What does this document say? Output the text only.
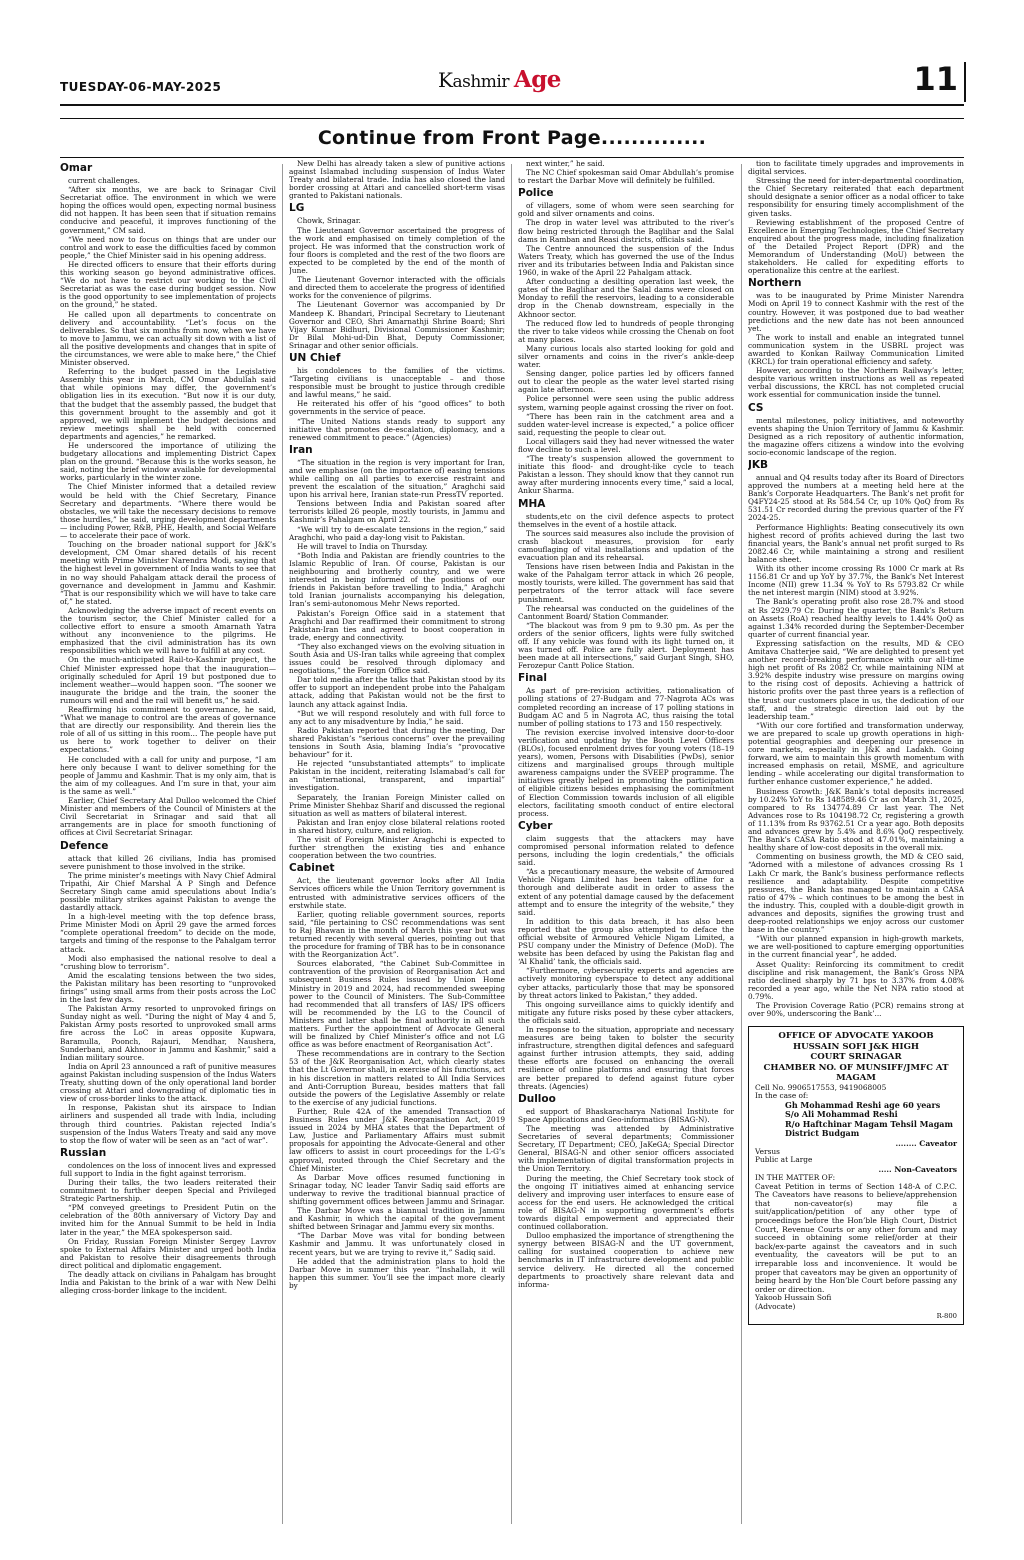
TUESDAY-06-MAY-2025	Kashmir Age	11
Continue from Front Page..............
Omar

current challenges.

“After six months, we are back to Srinagar Civil Secretariat office. The environment in which we were hoping the offices would open, expecting normal business did not happen. It has been seen that if situation remains conducive and peaceful, it improves functioning of the government,” CM said.

“We need now to focus on things that are under our control and work to ease the difficulties faced by common people,” the Chief Minister said in his opening address.

He directed officers to ensure that their efforts during this working season go beyond administrative offices. “We do not have to restrict our working to the Civil Secretariat as was the case during budget session. Now is the good opportunity to see implementation of projects on the ground,” he stated.

He called upon all departments to concentrate on delivery and accountability. “Let’s focus on the deliverables. So that six months from now, when we have to move to Jammu, we can actually sit down with a list of all the positive developments and changes that in spite of the circumstances, we were able to make here,” the Chief Minister observed.

Referring to the budget passed in the Legislative Assembly this year in March, CM Omar Abdullah said that while opinions may differ, the government’s obligation lies in its execution. “But now it is our duty, that the budget that the assembly passed, the budget that this government brought to the assembly and got it approved, we will implement the budget decisions and review meetings shall be held with concerned departments and agencies,” he remarked.

He underscored the importance of utilizing the budgetary allocations and implementing District Capex plan on the ground. “Because this is the works season, he said, noting the brief window available for developmental works, particularly in the winter zone.

The Chief Minister informed that a detailed review would be held with the Chief Secretary, Finance Secretary and departments. “Where there would be obstacles, we will take the necessary decisions to remove those hurdles,” he said, urging development departments — including Power, R&B, PHE, Health, and Social Welfare — to accelerate their pace of work.

Touching on the broader national support for J&K’s development, CM Omar shared details of his recent meeting with Prime Minister Narendra Modi, saying that the highest level in government of India wants to see that in no way should Pahalgam attack derail the process of governance and development in Jammu and Kashmir. “That is our responsibility which we will have to take care of,” he stated.

Acknowledging the adverse impact of recent events on the tourism sector, the Chief Minister called for a collective effort to ensure a smooth Amarnath Yatra without any inconvenience to the pilgrims. He emphasized that the civil administration has its own responsibilities which we will have to fulfill at any cost.

On the much-anticipated Rail-to-Kashmir project, the Chief Minister expressed hope that the inauguration—originally scheduled for April 19 but postponed due to inclement weather—would happen soon. “The sooner we inaugurate the bridge and the train, the sooner the rumours will end and the rail will benefit us,” he said.

Reaffirming his commitment to governance, he said, “What we manage to control are the areas of governance that are directly our responsibility. And therein lies the role of all of us sitting in this room… The people have put us here to work together to deliver on their expectations.”

He concluded with a call for unity and purpose, “I am here only because I want to deliver something for the people of Jammu and Kashmir. That is my only aim, that is the aim of my colleagues. And I’m sure in that, your aim is the same as well.”

Earlier, Chief Secretary Atal Dulloo welcomed the Chief Minister and members of the Council of Ministers at the Civil Secretariat in Srinagar and said that all arrangements are in place for smooth functioning of offices at Civil Secretariat Srinagar.

Defence

attack that killed 26 civilians, India has promised severe punishment to those involved in the strike.

The prime minister’s meetings with Navy Chief Admiral Tripathi, Air Chief Marshal A P Singh and Defence Secretary Singh came amid speculations about India’s possible military strikes against Pakistan to avenge the dastardly attack.

In a high-level meeting with the top defence brass, Prime Minister Modi on April 29 gave the armed forces “complete operational freedom” to decide on the mode, targets and timing of the response to the Pahalgam terror attack.

Modi also emphasised the national resolve to deal a “crushing blow to terrorism”.

Amid the escalating tensions between the two sides, the Pakistan military has been resorting to “unprovoked firings” using small arms from their posts across the LoC in the last few days.

The Pakistan Army resorted to unprovoked firings on Sunday night as well. “During the night of May 4 and 5, Pakistan Army posts resorted to unprovoked small arms fire across the LoC in areas opposite Kupwara, Baramulla, Poonch, Rajauri, Mendhar, Naushera, Sunderbani, and Akhnoor in Jammu and Kashmir,” said a Indian military source.

India on April 23 announced a raft of punitive measures against Pakistan including suspension of the Indus Waters Treaty, shutting down of the only operational land border crossing at Attari and downgrading of diplomatic ties in view of cross-border links to the attack.

In response, Pakistan shut its airspace to Indian airliners and suspended all trade with India, including through third countries. Pakistan rejected India’s suspension of the Indus Waters Treaty and said any move to stop the flow of water will be seen as an “act of war”.

Russian

condolences on the loss of innocent lives and expressed full support to India in the fight against terrorism.

During their talks, the two leaders reiterated their commitment to further deepen Special and Privileged Strategic Partnership.

“PM conveyed greetings to President Putin on the celebration of the 80th anniversary of Victory Day and invited him for the Annual Summit to be held in India later in the year,” the MEA spokesperson said.

On Friday, Russian Foreign Minister Sergey Lavrov spoke to External Affairs Minister and urged both India and Pakistan to resolve their disagreements through direct political and diplomatic engagement.

The deadly attack on civilians in Pahalgam has brought India and Pakistan to the brink of a war with New Delhi alleging cross-border linkage to the incident.

New Delhi has already taken a slew of punitive actions against Islamabad including suspension of Indus Water Treaty and bilateral trade. India has also closed the land border crossing at Attari and cancelled short-term visas granted to Pakistani nationals.

LG

Chowk, Srinagar.

The Lieutenant Governor ascertained the progress of the work and emphasised on timely completion of the project. He was informed that the construction work of four floors is completed and the rest of the two floors are expected to be completed by the end of the month of June.

The Lieutenant Governor interacted with the officials and directed them to accelerate the progress of identified works for the convenience of pilgrims.

The Lieutenant Governor was accompanied by Dr Mandeep K. Bhandari, Principal Secretary to Lieutenant Governor and CEO, Shri Amarnathji Shrine Board; Shri Vijay Kumar Bidhuri, Divisional Commissioner Kashmir; Dr Bilal Mohi-ud-Din Bhat, Deputy Commissioner, Srinagar and other senior officials.

UN Chief

his condolences to the families of the victims. “Targeting civilians is unacceptable – and those responsible must be brought to justice through credible and lawful means,” he said.

He reiterated his offer of his “good offices” to both governments in the service of peace.

“The United Nations stands ready to support any initiative that promotes de-escalation, diplomacy, and a renewed commitment to peace.” (Agencies)

Iran

“The situation in the region is very important for Iran, and we emphasise (on the importance of) easing tensions while calling on all parties to exercise restraint and prevent the escalation of the situation,” Araghchi said upon his arrival here, Iranian state-run PressTV reported.

Tensions between India and Pakistan soared after terrorists killed 26 people, mostly tourists, in Jammu and Kashmir’s Pahalgam on April 22.

“We will try to de-escalate tensions in the region,” said Araghchi, who paid a day-long visit to Pakistan.

He will travel to India on Thursday.

“Both India and Pakistan are friendly countries to the Islamic Republic of Iran. Of course, Pakistan is our neighbouring and brotherly country, and we were interested in being informed of the positions of our friends in Pakistan before travelling to India,” Araghchi told Iranian journalists accompanying his delegation, Iran’s semi-autonomous Mehr News reported.

Pakistan’s Foreign Office said in a statement that Araghchi and Dar reaffirmed their commitment to strong Pakistan-Iran ties and agreed to boost cooperation in trade, energy and connectivity.

“They also exchanged views on the evolving situation in South Asia and US-Iran talks while agreeing that complex issues could be resolved through diplomacy and negotiations,” the Foreign Office said.

Dar told media after the talks that Pakistan stood by its offer to support an independent probe into the Pahalgam attack, adding that Pakistan would not be the first to launch any attack against India.

“But we will respond resolutely and with full force to any act to any misadventure by India,” he said.

Radio Pakistan reported that during the meeting, Dar shared Pakistan’s “serious concerns” over the prevailing tensions in South Asia, blaming India’s “provocative behaviour” for it.

He rejected “unsubstantiated attempts” to implicate Pakistan in the incident, reiterating Islamabad’s call for an “international, transparent, and impartial” investigation.

Separately, the Iranian Foreign Minister called on Prime Minister Shehbaz Sharif and discussed the regional situation as well as matters of bilateral interest.

Pakistan and Iran enjoy close bilateral relations rooted in shared history, culture, and religion.

The visit of Foreign Minister Araghchi is expected to further strengthen the existing ties and enhance cooperation between the two countries.

Cabinet

Act, the lieutenant governor looks after All India Services officers while the Union Territory government is entrusted with administrative services officers of the erstwhile state.

Earlier, quoting reliable government sources, reports said, “file pertaining to CSC recommendations was sent to Raj Bhawan in the month of March this year but was returned recently with several queries, pointing out that the procedure for framing of TBR has to be in consonance with the Reorganization Act”.

Sources elaborated, “the Cabinet Sub-Committee in contravention of the provision of Reorganisation Act and subsequent Business Rules issued by Union Home Ministry in 2019 and 2024, had recommended sweeping power to the Council of Ministers. The Sub-Committee had recommended that all transfers of IAS/ IPS officers will be recommended by the LG to the Council of Ministers and latter shall be final authority in all such matters. Further the appointment of Advocate General will be finalized by Chief Minister’s office and not LG office as was before enactment of Reorganisation Act”.

These recommendations are in contrary to the Section 53 of the J&K Reorganisation Act, which clearly states that the Lt Governor shall, in exercise of his functions, act in his discretion in matters related to All India Services and Anti-Corruption Bureau, besides matters that fall outside the powers of the Legislative Assembly or relate to the exercise of any judicial functions.

Further, Rule 42A of the amended Transaction of Business Rules under J&K Reorganisation Act, 2019 issued in 2024 by MHA states that the Department of Law, Justice and Parliamentary Affairs must submit proposals for appointing the Advocate-General and other law officers to assist in court proceedings for the L-G’s approval, routed through the Chief Secretary and the Chief Minister.

As Darbar Move offices resumed functioning in Srinagar today, NC leader Tanvir Sadiq said efforts are underway to revive the traditional biannual practice of shifting government offices between Jammu and Srinagar.

The Darbar Move was a biannual tradition in Jammu and Kashmir, in which the capital of the government shifted between Srinagar and Jammu every six months.

“The Darbar Move was vital for bonding between Kashmir and Jammu. It was unfortunately closed in recent years, but we are trying to revive it,” Sadiq said.

He added that the administration plans to hold the Darbar Move in summer this year. “Inshallah, it will happen this summer. You’ll see the impact more clearly by

next winter,” he said.

The NC Chief spokesman said Omar Abdullah’s promise to restart the Darbar Move will definitely be fulfilled.

Police

of villagers, some of whom were seen searching for gold and silver ornaments and coins.

The drop in water level was attributed to the river’s flow being restricted through the Baglihar and the Salal dams in Ramban and Reasi districts, officials said.

The Centre announced the suspension of the Indus Waters Treaty, which has governed the use of the Indus river and its tributaries between India and Pakistan since 1960, in wake of the April 22 Pahalgam attack.

After conducting a desilting operation last week, the gates of the Baglihar and the Salal dams were closed on Monday to refill the reservoirs, leading to a considerable drop in the Chenab downstream, especially in the Akhnoor sector.

The reduced flow led to hundreds of people thronging the river to take videos while crossing the Chenab on foot at many places.

Many curious locals also started looking for gold and silver ornaments and coins in the river’s ankle-deep water.

Sensing danger, police parties led by officers fanned out to clear the people as the water level started rising again late afternoon.

Police personnel were seen using the public address system, warning people against crossing the river on foot.

“There has been rain in the catchment area and a sudden water-level increase is expected,” a police officer said, requesting the people to clear out.

Local villagers said they had never witnessed the water flow decline to such a level.

“The treaty’s suspension allowed the government to initiate this flood- and drought-like cycle to teach Pakistan a lesson. They should know that they cannot run away after murdering innocents every time,” said a local, Ankur Sharma.

MHA

students,etc on the civil defence aspects to protect themselves in the event of a hostile attack.

The sources said measures also include the provision of crash blackout measures, provision for early camouflaging of vital installations and updation of the evacuation plan and its rehearsal.

Tensions have risen between India and Pakistan in the wake of the Pahalgam terror attack in which 26 people, mostly tourists, were killed. The government has said that perpetrators of the terror attack will face severe punishment.

The rehearsal was conducted on the guidelines of the Cantonment Board/ Station Commander.

“The blackout was from 9 pm to 9.30 pm. As per the orders of the senior officers, lights were fully switched off. If any vehicle was found with its light turned on, it was turned off. Police are fully alert. Deployment has been made at all intersections,” said Gurjant Singh, SHO, Ferozepur Cantt Police Station.

Final

As part of pre-revision activities, rationalisation of polling stations of 27-Budgam and 77-Nagrota ACs was completed recording an increase of 17 polling stations in Budgam AC and 5 in Nagrota AC, thus raising the total number of polling stations to 173 and 150 respectively.

The revision exercise involved intensive door-to-door verification and updating by the Booth Level Officers (BLOs), focused enrolment drives for young voters (18–19 years), women, Persons with Disabilities (PwDs), senior citizens and marginalised groups through multiple awareness campaigns under the SVEEP programme. The initiatives greatly helped in promoting the participation of eligible citizens besides emphasising the commitment of Election Commission towards inclusion of all eligible electors, facilitating smooth conduct of entire electoral process.

Cyber

claim suggests that the attackers may have compromised personal information related to defence persons, including the login credentials,” the officials said.

“As a precautionary measure, the website of Armoured Vehicle Nigam Limited has been taken offline for a thorough and deliberate audit in order to assess the extent of any potential damage caused by the defacement attempt and to ensure the integrity of the website,” they said.

In addition to this data breach, it has also been reported that the group also attempted to deface the official website of Armoured Vehicle Nigam Limited, a PSU company under the Ministry of Defence (MoD). The website has been defaced by using the Pakistan flag and ‘Al Khalid’ tank, the officials said.

“Furthermore, cybersecurity experts and agencies are actively monitoring cyberspace to detect any additional cyber attacks, particularly those that may be sponsored by threat actors linked to Pakistan,” they added.

This ongoing surveillance aims to quickly identify and mitigate any future risks posed by these cyber attackers, the officials said.

In response to the situation, appropriate and necessary measures are being taken to bolster the security infrastructure, strengthen digital defences and safeguard against further intrusion attempts, they said, adding these efforts are focused on enhancing the overall resilience of online platforms and ensuring that forces are better prepared to defend against future cyber threats. (Agencies)

Dulloo

ed support of Bhaskaracharya National Institute for Space Applications and Geo-informatics (BISAG-N).

The meeting was attended by Administrative Secretaries of several departments; Commissioner Secretary, IT Department; CEO, JaKeGA; Special Director General, BISAG-N and other senior officers associated with implementation of digital transformation projects in the Union Territory.

During the meeting, the Chief Secretary took stock of the ongoing IT initiatives aimed at enhancing service delivery and improving user interfaces to ensure ease of access for the end users. He acknowledged the critical role of BISAG-N in supporting government’s efforts towards digital empowerment and appreciated their continued collaboration.

Dulloo emphasized the importance of strengthening the synergy between BISAG-N and the UT government, calling for sustained cooperation to achieve new benchmarks in IT infrastructure development and public service delivery. He directed all the concerned departments to proactively share relevant data and informa-

tion to facilitate timely upgrades and improvements in digital services.

Stressing the need for inter-departmental coordination, the Chief Secretary reiterated that each department should designate a senior officer as a nodal officer to take responsibility for ensuring timely accomplishment of the given tasks.

Reviewing establishment of the proposed Centre of Excellence in Emerging Technologies, the Chief Secretary enquired about the progress made, including finalization of the Detailed Project Report (DPR) and the Memorandum of Understanding (MoU) between the stakeholders. He called for expediting efforts to operationalize this centre at the earliest.

Northern

was to be inaugurated by Prime Minister Narendra Modi on April 19 to connect Kashmir with the rest of the country. However, it was postponed due to bad weather predictions and the new date has not been announced yet.

The work to install and enable an integrated tunnel communication system in the USBRL project was awarded to Konkan Railway Communication Limited (KRCL) for train operational efficiency and safety.

However, according to the Northern Railway’s letter, despite various written instructions as well as repeated verbal discussions, the KRCL has not completed crucial work essential for communication inside the tunnel.

CS

mental milestones, policy initiatives, and noteworthy events shaping the Union Territory of Jammu & Kashmir. Designed as a rich repository of authentic information, the magazine offers citizens a window into the evolving socio-economic landscape of the region.

JKB

annual and Q4 results today after its Board of Directors approved the numbers at a meeting held here at the Bank’s Corporate Headquarters. The Bank’s net profit for Q4FY24-25 stood at Rs 584.54 Cr, up 10% QoQ from Rs 531.51 Cr recorded during the previous quarter of the FY 2024-25.

Performance Highlights: Beating consecutively its own highest record of profits achieved during the last two financial years, the Bank’s annual net profit surged to Rs 2082.46 Cr, while maintaining a strong and resilient balance sheet.

With its other income crossing Rs 1000 Cr mark at Rs 1156.81 Cr and up YoY by 37.7%, the Bank’s Net Interest Income (NII) grew 11.34 % YoY to Rs 5793.82 Cr while the net interest margin (NIM) stood at 3.92%.

The Bank’s operating profit also rose 28.7% and stood at Rs 2929.79 Cr. During the quarter, the Bank’s Return on Assets (RoA) reached healthy levels to 1.44% QoQ as against 1.34% recorded during the September-December quarter of current financial year.

Expressing satisfaction on the results, MD & CEO Amitava Chatterjee said, “We are delighted to present yet another record-breaking performance with our all-time high net profit of Rs 2082 Cr, while maintaining NIM at 3.92% despite industry wise pressure on margins owing to the rising cost of deposits. Achieving a hattrick of historic profits over the past three years is a reflection of the trust our customers place in us, the dedication of our staff, and the strategic direction laid out by the leadership team.”

“With our core fortified and transformation underway, we are prepared to scale up growth operations in high-potential geographies and deepening our presence in core markets, especially in J&K and Ladakh. Going forward, we aim to maintain this growth momentum with increased emphasis on retail, MSME, and agriculture lending – while accelerating our digital transformation to further enhance customer experience,” he added.

Business Growth: J&K Bank’s total deposits increased by 10.24% YoY to Rs 148589.46 Cr as on March 31, 2025, compared to Rs 134774.89 Cr last year. The Net Advances rose to Rs 104198.72 Cr, registering a growth of 11.13% from Rs 93762.51 Cr a year ago. Both deposits and advances grew by 5.4% and 8.6% QoQ respectively. The Bank’s CASA Ratio stood at 47.01%, maintaining a healthy share of low-cost deposits in the overall mix.

Commenting on business growth, the MD & CEO said, “Adorned with a milestone of advances crossing Rs 1 Lakh Cr mark, the Bank’s business performance reflects resilience and adaptability. Despite competitive pressures, the Bank has managed to maintain a CASA ratio of 47% – which continues to be among the best in the industry. This, coupled with a double-digit growth in advances and deposits, signifies the growing trust and deep-rooted relationships we enjoy across our customer base in the country.”

“With our planned expansion in high-growth markets, we are well-positioned to capture emerging opportunities in the current financial year”, he added.

Asset Quality: Reinforcing its commitment to credit discipline and risk management, the Bank’s Gross NPA ratio declined sharply by 71 bps to 3.37% from 4.08% recorded a year ago, while the Net NPA ratio stood at 0.79%.

The Provision Coverage Ratio (PCR) remains strong at over 90%, underscoring the Bank’...

OFFICE OF ADVOCATE YAKOOB

HUSSAIN SOFI J&K HIGH

COURT SRINAGAR

CHAMBER NO. OF MUNSIFF/JMFC AT

MAGAM

Cell No. 9906517553, 9419068005

In the case of:

Gh Mohammad Reshi age 60 years

S/o Ali Mohammad Reshi

R/o Haftchinar Magam Tehsil Magam

District Budgam

........ Caveator

Versus

Public at Large

..... Non-Caveators

IN THE MATTER OF:

Caveat Petition in terms of Section 148-A of C.P.C. The Caveators have reasons to believe/apprehension that non-caveator(s) may file a suit/application/petition of any other type of proceedings before the Hon’ble High Court, District Court, Revenue Courts or any other forum and may succeed in obtaining some relief/order at their back/ex-parte against the caveators and in such eventuality, the caveators will be put to an irreparable loss and inconvenience. It would be proper that caveators may be given an opportunity of being heard by the Hon’ble Court before passing any order or direction.

Yakoob Hussain Sofi

(Advocate)

R-800
